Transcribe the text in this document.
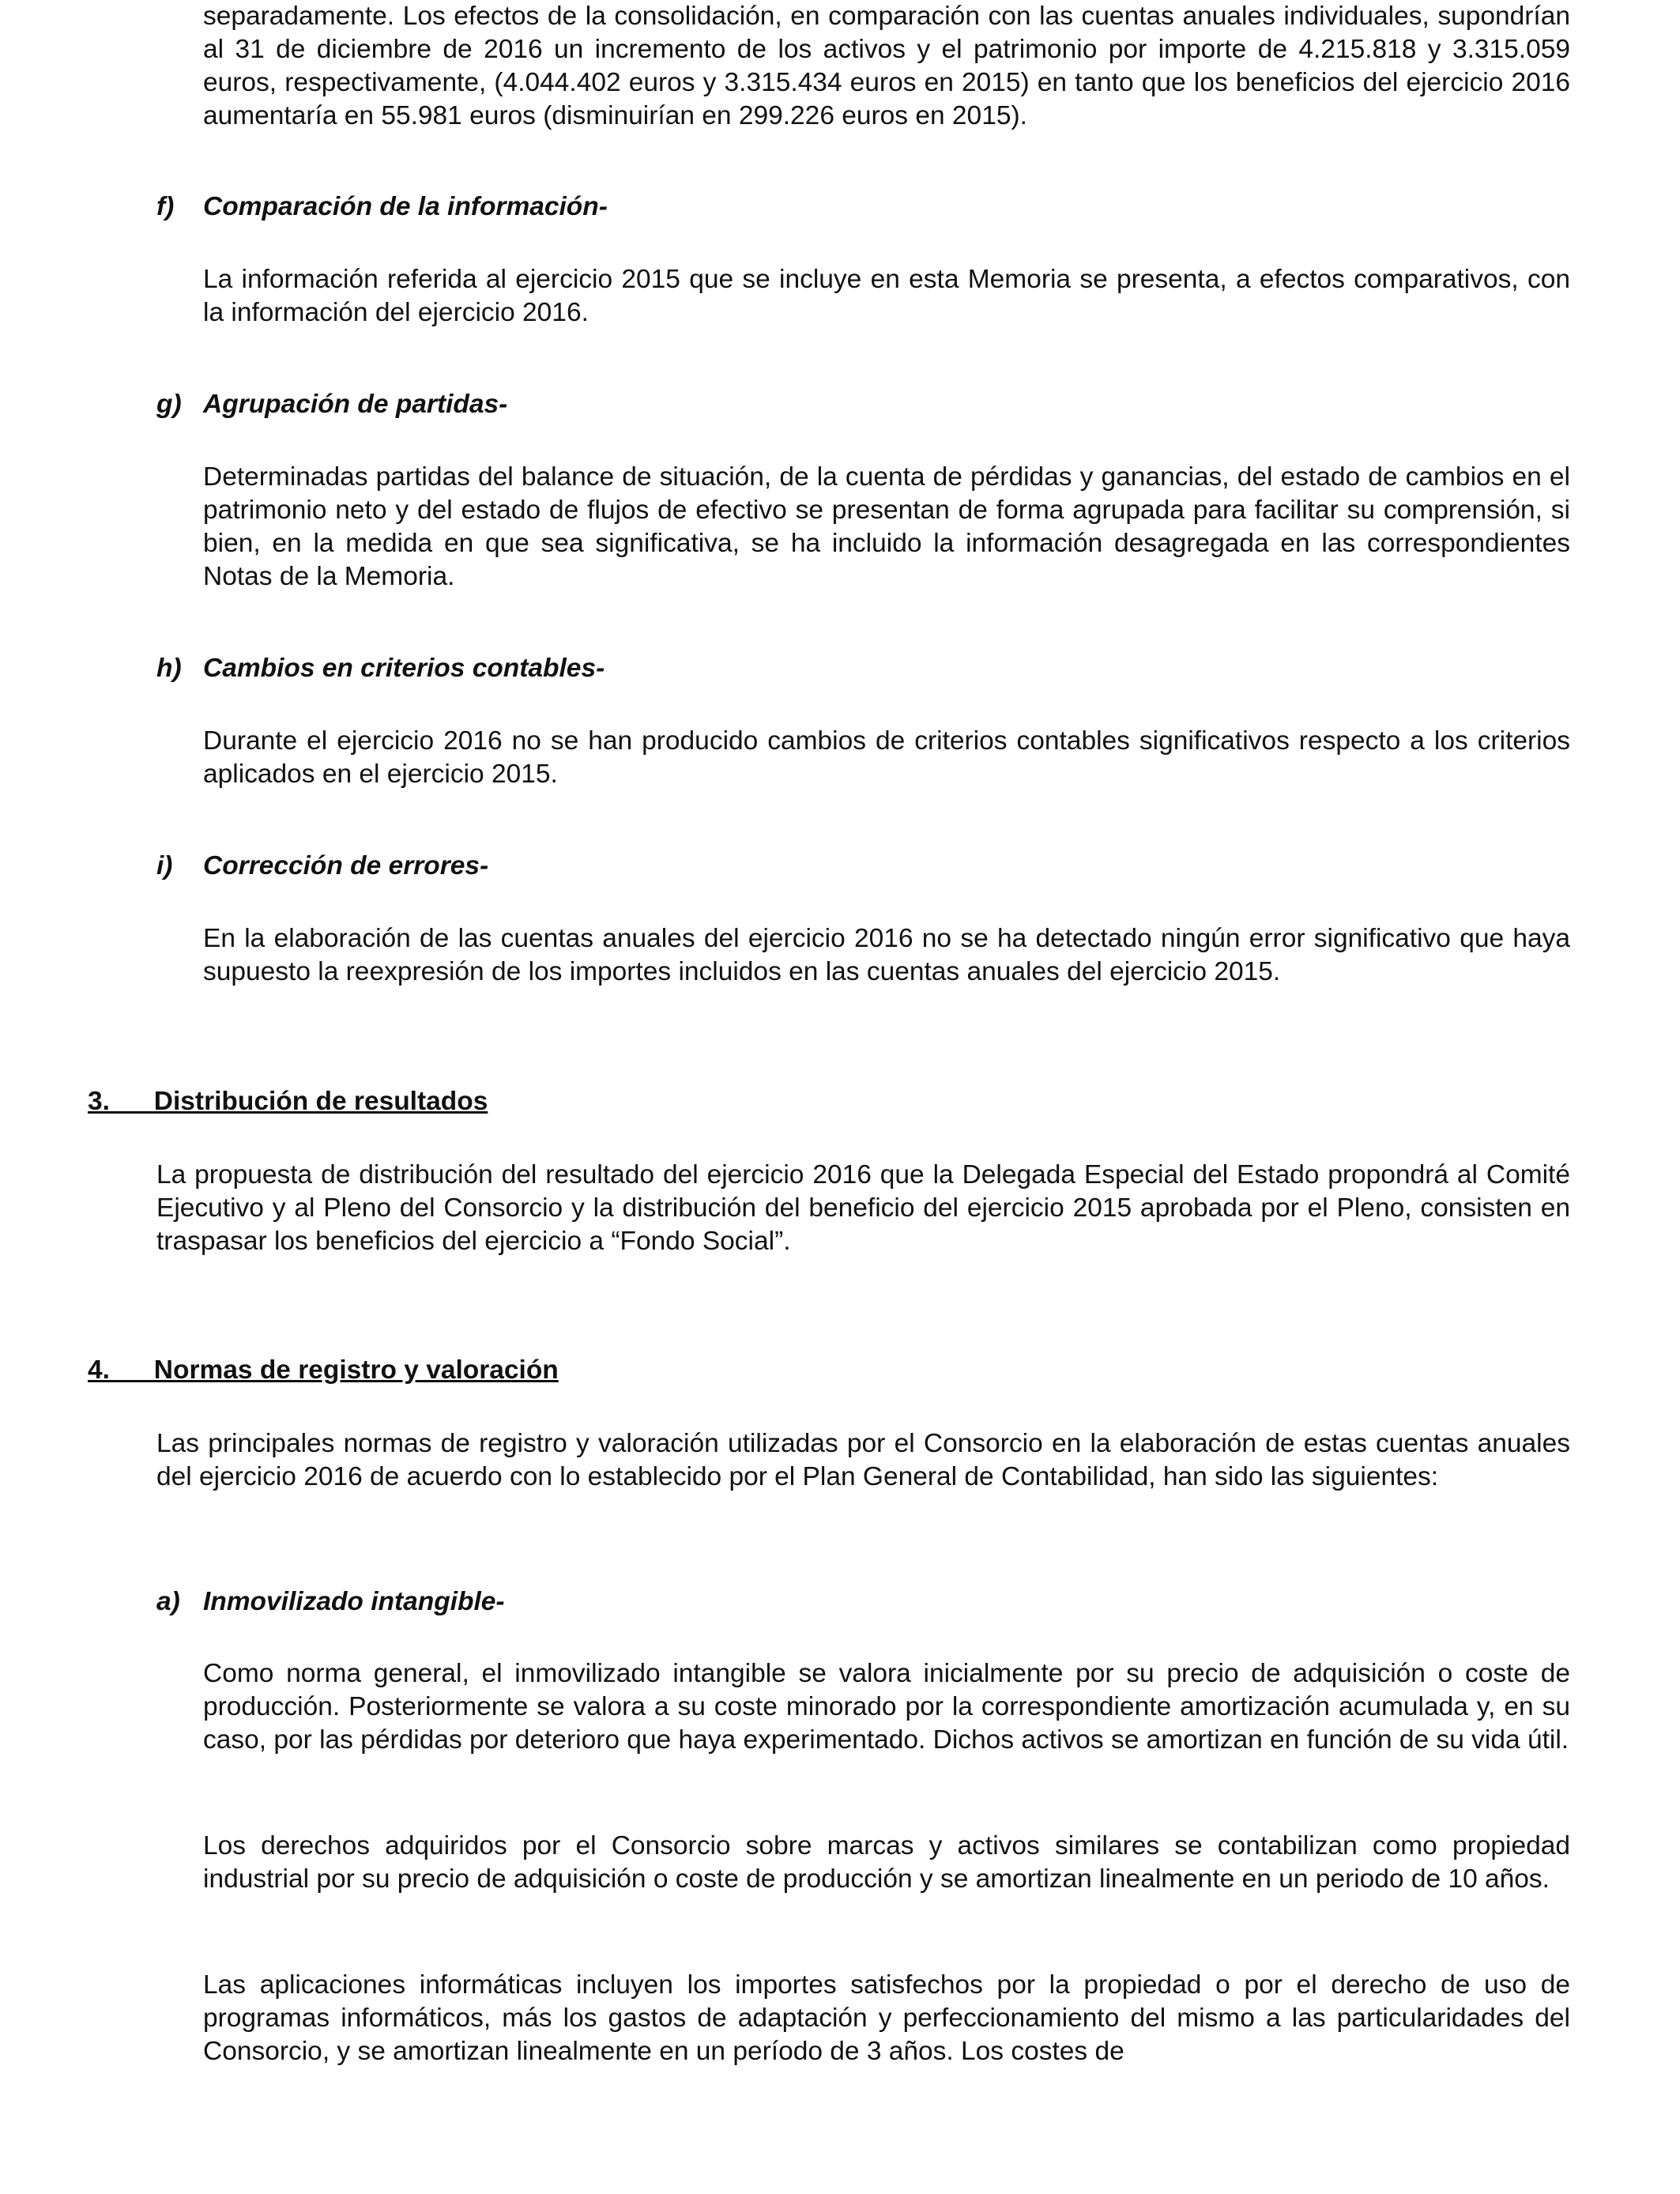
separadamente. Los efectos de la consolidación, en comparación con las cuentas anuales individuales, supondrían al 31 de diciembre de 2016 un incremento de los activos y el patrimonio por importe de 4.215.818 y 3.315.059 euros, respectivamente, (4.044.402 euros y 3.315.434 euros en 2015) en tanto que los beneficios del ejercicio 2016 aumentaría en 55.981 euros (disminuirían en 299.226 euros en 2015).

f) Comparación de la información-

La información referida al ejercicio 2015 que se incluye en esta Memoria se presenta, a efectos comparativos, con la información del ejercicio 2016.

g) Agrupación de partidas-

Determinadas partidas del balance de situación, de la cuenta de pérdidas y ganancias, del estado de cambios en el patrimonio neto y del estado de flujos de efectivo se presentan de forma agrupada para facilitar su comprensión, si bien, en la medida en que sea significativa, se ha incluido la información desagregada en las correspondientes Notas de la Memoria.

h) Cambios en criterios contables-

Durante el ejercicio 2016 no se han producido cambios de criterios contables significativos respecto a los criterios aplicados en el ejercicio 2015.

i) Corrección de errores-

En la elaboración de las cuentas anuales del ejercicio 2016 no se ha detectado ningún error significativo que haya supuesto la reexpresión de los importes incluidos en las cuentas anuales del ejercicio 2015.

3.      Distribución de resultados

La propuesta de distribución del resultado del ejercicio 2016 que la Delegada Especial del Estado propondrá al Comité Ejecutivo y al Pleno del Consorcio y la distribución del beneficio del ejercicio 2015 aprobada por el Pleno, consisten en traspasar los beneficios del ejercicio a “Fondo Social”.

4.      Normas de registro y valoración

Las principales normas de registro y valoración utilizadas por el Consorcio en la elaboración de estas cuentas anuales del ejercicio 2016 de acuerdo con lo establecido por el Plan General de Contabilidad, han sido las siguientes:

a) Inmovilizado intangible-

Como norma general, el inmovilizado intangible se valora inicialmente por su precio de adquisición o coste de producción. Posteriormente se valora a su coste minorado por la correspondiente amortización acumulada y, en su caso, por las pérdidas por deterioro que haya experimentado. Dichos activos se amortizan en función de su vida útil.

Los derechos adquiridos por el Consorcio sobre marcas y activos similares se contabilizan como propiedad industrial por su precio de adquisición o coste de producción y se amortizan linealmente en un periodo de 10 años.

Las aplicaciones informáticas incluyen los importes satisfechos por la propiedad o por el derecho de uso de programas informáticos, más los gastos de adaptación y perfeccionamiento del mismo a las particularidades del Consorcio, y se amortizan linealmente en un período de 3 años. Los costes de
